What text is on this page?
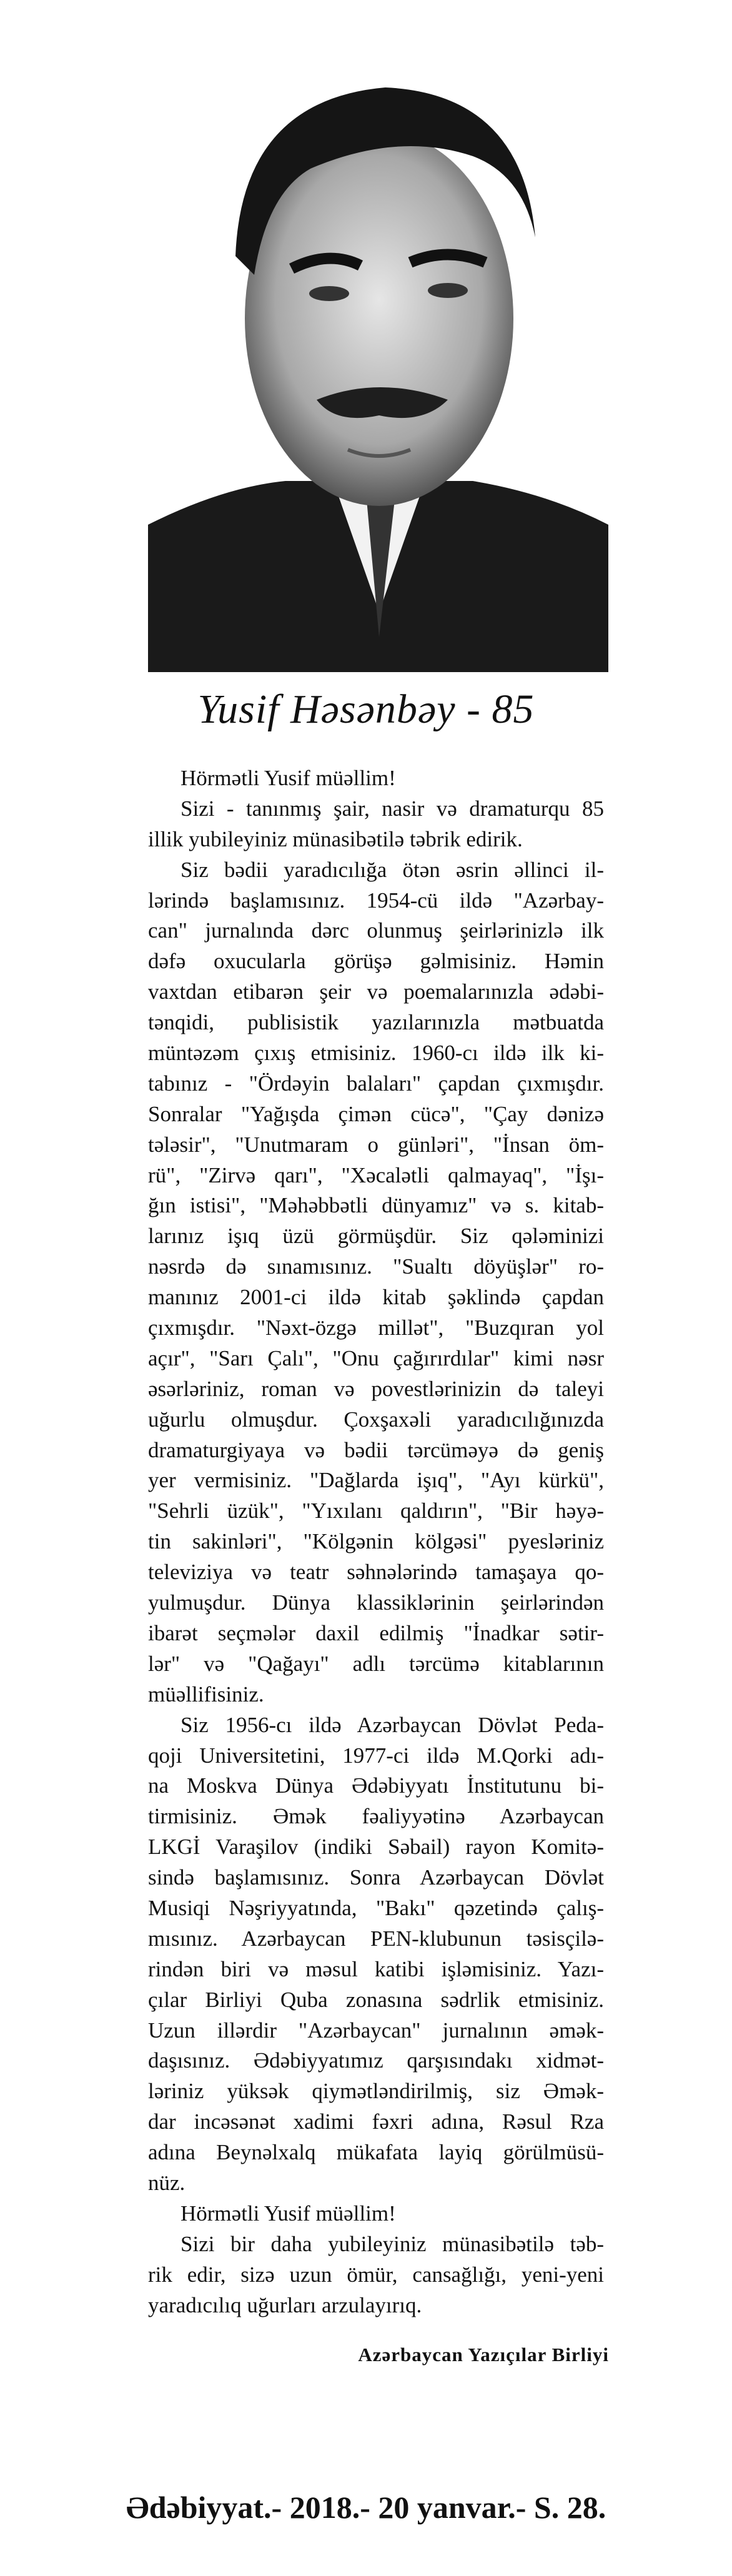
Yusif Həsənbəy - 85
Hörmətli Yusif müəllim!
Sizi - tanınmış şair, nasir və dramaturqu 85
illik yubileyiniz münasibətilə təbrik edirik.
Siz bədii yaradıcılığa ötən əsrin əllinci il-
lərində başlamısınız. 1954-cü ildə "Azərbay-
can" jurnalında dərc olunmuş şeirlərinizlə ilk
dəfə oxucularla görüşə gəlmisiniz. Həmin
vaxtdan etibarən şeir və poemalarınızla ədəbi-
tənqidi, publisistik yazılarınızla mətbuatda
müntəzəm çıxış etmisiniz. 1960-cı ildə ilk ki-
tabınız - "Ördəyin balaları" çapdan çıxmışdır.
Sonralar "Yağışda çimən cücə", "Çay dənizə
tələsir", "Unutmaram o günləri", "İnsan öm-
rü", "Zirvə qarı", "Xəcalətli qalmayaq", "İşı-
ğın istisi", "Məhəbbətli dünyamız" və s. kitab-
larınız işıq üzü görmüşdür. Siz qələminizi
nəsrdə də sınamısınız. "Sualtı döyüşlər" ro-
manınız 2001-ci ildə kitab şəklində çapdan
çıxmışdır. "Nəxt-özgə millət", "Buzqıran yol
açır", "Sarı Çalı", "Onu çağırırdılar" kimi nəsr
əsərləriniz, roman və povestlərinizin də taleyi
uğurlu olmuşdur. Çoxşaxəli yaradıcılığınızda
dramaturgiyaya və bədii tərcüməyə də geniş
yer vermisiniz. "Dağlarda işıq", "Ayı kürkü",
"Sehrli üzük", "Yıxılanı qaldırın", "Bir həyə-
tin sakinləri", "Kölgənin kölgəsi" pyesləriniz
televiziya və teatr səhnələrində tamaşaya qo-
yulmuşdur. Dünya klassiklərinin şeirlərindən
ibarət seçmələr daxil edilmiş "İnadkar sətir-
lər" və "Qağayı" adlı tərcümə kitablarının
müəllifisiniz.
Siz 1956-cı ildə Azərbaycan Dövlət Peda-
qoji Universitetini, 1977-ci ildə M.Qorki adı-
na Moskva Dünya Ədəbiyyatı İnstitutunu bi-
tirmisiniz. Əmək fəaliyyətinə Azərbaycan
LKGİ Varaşilov (indiki Səbail) rayon Komitə-
sində başlamısınız. Sonra Azərbaycan Dövlət
Musiqi Nəşriyyatında, "Bakı" qəzetində çalış-
mısınız. Azərbaycan PEN-klubunun təsisçilə-
rindən biri və məsul katibi işləmisiniz. Yazı-
çılar Birliyi Quba zonasına sədrlik etmisiniz.
Uzun illərdir "Azərbaycan" jurnalının əmək-
daşısınız. Ədəbiyyatımız qarşısındakı xidmət-
ləriniz yüksək qiymətləndirilmiş, siz Əmək-
dar incəsənət xadimi fəxri adına, Rəsul Rza
adına Beynəlxalq mükafata layiq görülmüsü-
nüz.
Hörmətli Yusif müəllim!
Sizi bir daha yubileyiniz münasibətilə təb-
rik edir, sizə uzun ömür, cansağlığı, yeni-yeni
yaradıcılıq uğurları arzulayırıq.
Azərbaycan Yazıçılar Birliyi
Ədəbiyyat.- 2018.- 20 yanvar.- S. 28.
